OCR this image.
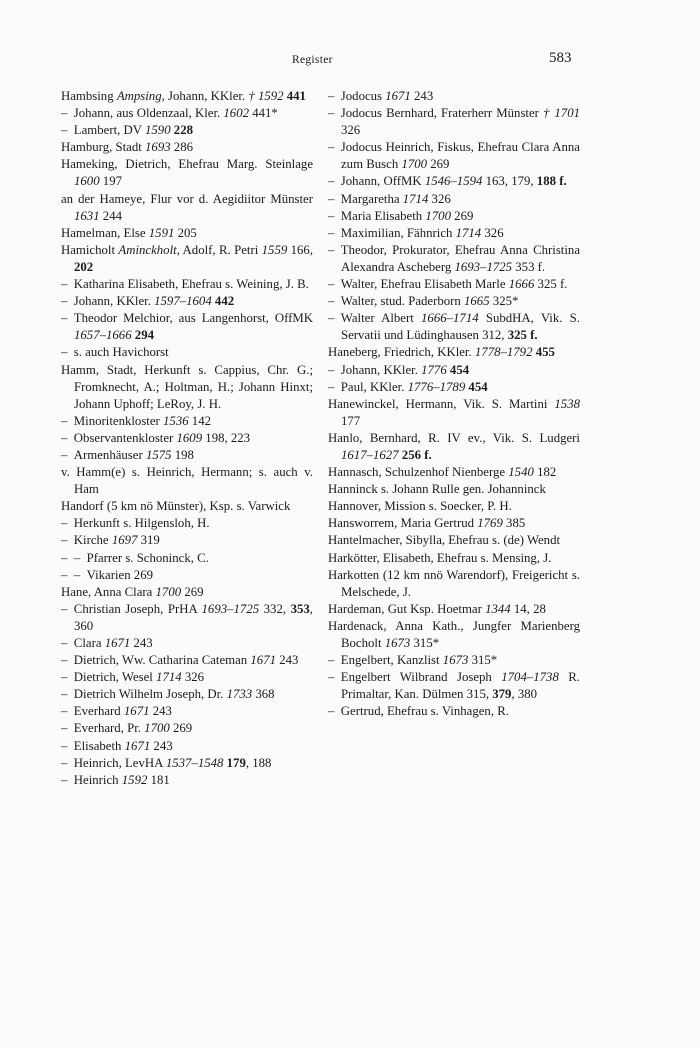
Register	583
Hambsing Ampsing, Johann, KKler. † 1592 441
– Johann, aus Oldenzaal, Kler. 1602 441*
– Lambert, DV 1590 228
Hamburg, Stadt 1693 286
Hameking, Dietrich, Ehefrau Marg. Steinlage 1600 197
an der Hameye, Flur vor d. Aegidiitor Münster 1631 244
Hamelman, Else 1591 205
Hamicholt Aminckholt, Adolf, R. Petri 1559 166, 202
– Katharina Elisabeth, Ehefrau s. Weining, J. B.
– Johann, KKler. 1597–1604 442
– Theodor Melchior, aus Langenhorst, OffMK 1657–1666 294
– s. auch Havichorst
Hamm, Stadt, Herkunft s. Cappius, Chr. G.; Fromknecht, A.; Holtman, H.; Johann Hinxt; Johann Uphoff; LeRoy, J. H.
– Minoritenkloster 1536 142
– Observantenkloster 1609 198, 223
– Armenhäuser 1575 198
v. Hamm(e) s. Heinrich, Hermann; s. auch v. Ham
Handorf (5 km nö Münster), Ksp. s. Varwick
– Herkunft s. Hilgensloh, H.
– Kirche 1697 319
– – Pfarrer s. Schoninck, C.
– – Vikarien 269
Hane, Anna Clara 1700 269
– Christian Joseph, PrHA 1693–1725 332, 353, 360
– Clara 1671 243
– Dietrich, Ww. Catharina Cateman 1671 243
– Dietrich, Wesel 1714 326
– Dietrich Wilhelm Joseph, Dr. 1733 368
– Everhard 1671 243
– Everhard, Pr. 1700 269
– Elisabeth 1671 243
– Heinrich, LevHA 1537–1548 179, 188
– Heinrich 1592 181
– Jodocus 1671 243
– Jodocus Bernhard, Fraterherr Münster † 1701 326
– Jodocus Heinrich, Fiskus, Ehefrau Clara Anna zum Busch 1700 269
– Johann, OffMK 1546–1594 163, 179, 188 f.
– Margaretha 1714 326
– Maria Elisabeth 1700 269
– Maximilian, Fähnrich 1714 326
– Theodor, Prokurator, Ehefrau Anna Christina Alexandra Ascheberg 1693–1725 353 f.
– Walter, Ehefrau Elisabeth Marle 1666 325 f.
– Walter, stud. Paderborn 1665 325*
– Walter Albert 1666–1714 SubdHA, Vik. S. Servatii und Lüdinghausen 312, 325 f.
Haneberg, Friedrich, KKler. 1778–1792 455
– Johann, KKler. 1776 454
– Paul, KKler. 1776–1789 454
Hanewinckel, Hermann, Vik. S. Martini 1538 177
Hanlo, Bernhard, R. IV ev., Vik. S. Ludgeri 1617–1627 256 f.
Hannasch, Schulzenhof Nienberge 1540 182
Hanninck s. Johann Rulle gen. Johanninck
Hannover, Mission s. Soecker, P. H.
Hansworrem, Maria Gertrud 1769 385
Hantelmacher, Sibylla, Ehefrau s. (de) Wendt
Harkötter, Elisabeth, Ehefrau s. Mensing, J.
Harkotten (12 km nnö Warendorf), Freigericht s. Melschede, J.
Hardeman, Gut Ksp. Hoetmar 1344 14, 28
Hardenack, Anna Kath., Jungfer Marienberg Bocholt 1673 315*
– Engelbert, Kanzlist 1673 315*
– Engelbert Wilbrand Joseph 1704–1738 R. Primaltar, Kan. Dülmen 315, 379, 380
– Gertrud, Ehefrau s. Vinhagen, R.
